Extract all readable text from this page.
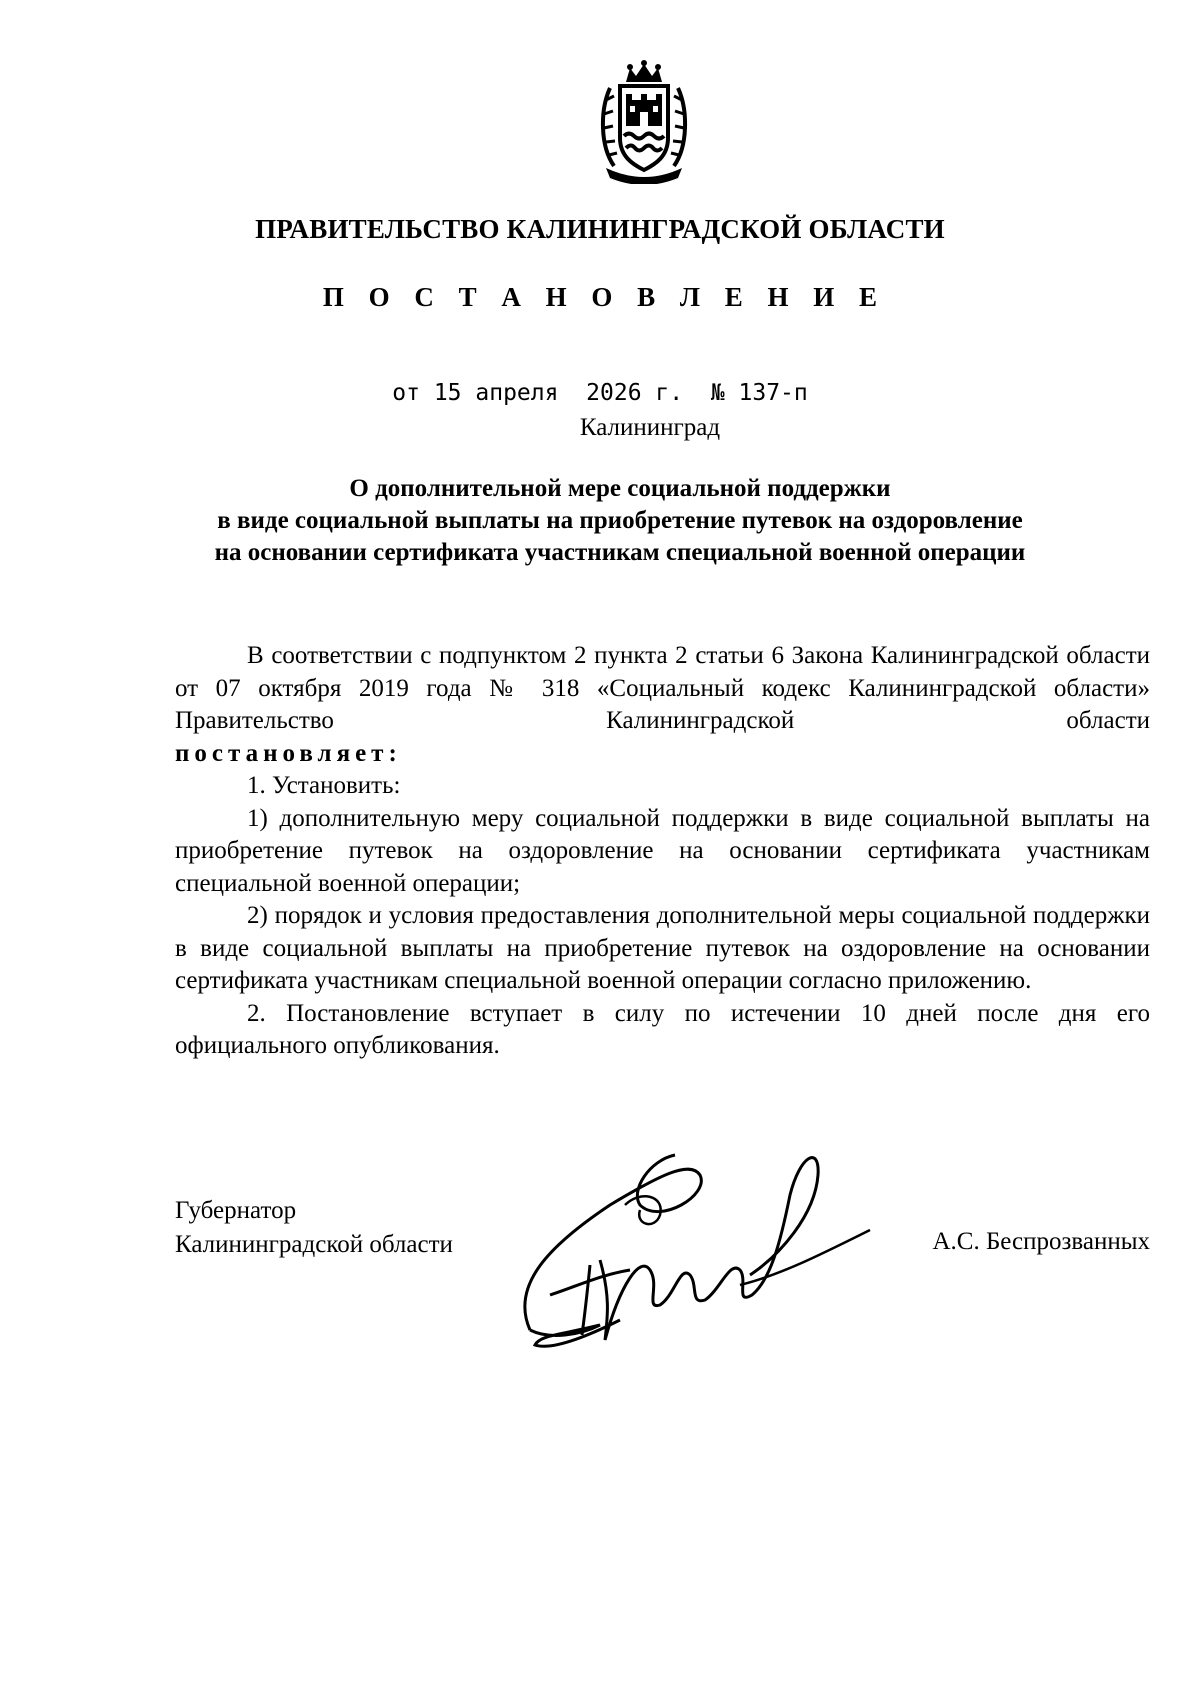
ПРАВИТЕЛЬСТВО КАЛИНИНГРАДСКОЙ ОБЛАСТИ
П О С Т А Н О В Л Е Н И Е
от 15 апреля 2026 г. № 137-п
Калининград
О дополнительной мере социальной поддержки
в виде социальной выплаты на приобретение путевок на оздоровление
на основании сертификата участникам специальной военной операции

В соответствии с подпунктом 2 пункта 2 статьи 6 Закона Калининградской области от 07 октября 2019 года № 318 «Социальный кодекс Калининградской области» Правительство Калининградской области

постановляет:

1. Установить:

1) дополнительную меру социальной поддержки в виде социальной выплаты на приобретение путевок на оздоровление на основании сертификата участникам специальной военной операции;

2) порядок и условия предоставления дополнительной меры социальной поддержки в виде социальной выплаты на приобретение путевок на оздоровление на основании сертификата участникам специальной военной операции согласно приложению.

2. Постановление вступает в силу по истечении 10 дней после дня его официального опубликования.

Губернатор
Калининградской области	А.С. Беспрозванных
